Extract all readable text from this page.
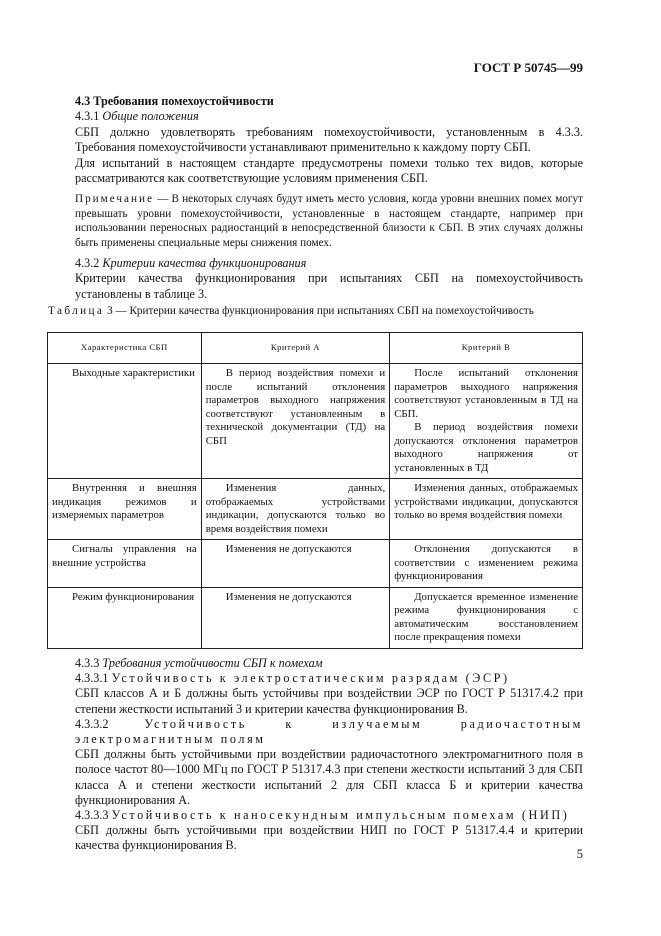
ГОСТ Р 50745—99

4.3 Требования помехоустойчивости

4.3.1 Общие положения

СБП должно удовлетворять требованиям помехоустойчивости, установленным в 4.3.3. Требования помехоустойчивости устанавливают применительно к каждому порту СБП.

Для испытаний в настоящем стандарте предусмотрены помехи только тех видов, которые рассматриваются как соответствующие условиям применения СБП.

Примечание — В некоторых случаях будут иметь место условия, когда уровни внешних помех могут превышать уровни помехоустойчивости, установленные в настоящем стандарте, например при использовании переносных радиостанций в непосредственной близости к СБП. В этих случаях должны быть применены специальные меры снижения помех.

4.3.2 Критерии качества функционирования

Критерии качества функционирования при испытаниях СБП на помехоустойчивость установлены в таблице 3.

Таблица 3 — Критерии качества функционирования при испытаниях СБП на помехоустойчивость
Характеристика СБП	Критерий А	Критерий В
Выходные характеристики	В период воздействия помехи и после испытаний отклонения параметров выходного напряжения соответствуют установленным в технической документации (ТД) на СБП	После испытаний отклонения параметров выходного напряжения соответствуют установленным в ТД на СБП.
В период воздействия помехи допускаются отклонения параметров выходного напряжения от установленных в ТД

Внутренняя и внешняя индикация режимов и измеряемых параметров	Изменения данных, отображаемых устройствами индикации, допускаются только во время воздействия помехи	Изменения данных, отображаемых устройствами индикации, допускаются только во время воздействия помехи
Сигналы управления на внешние устройства	Изменения не допускаются	Отклонения допускаются в соответствии с изменением режима функционирования
Режим функционирования	Изменения не допускаются	Допускается временное изменение режима функционирования с автоматическим восстановлением после прекращения помехи

4.3.3 Требования устойчивости СБП к помехам

4.3.3.1 Устойчивость к электростатическим разрядам (ЭСР)

СБП классов А и Б должны быть устойчивы при воздействии ЭСР по ГОСТ Р 51317.4.2 при степени жесткости испытаний 3 и критерии качества функционирования В.

4.3.3.2	Устойчивость к излучаемым радиочастотным электромагнитным полям

СБП должны быть устойчивыми при воздействии радиочастотного электромагнитного поля в полосе частот 80—1000 МГц по ГОСТ Р 51317.4.3 при степени жесткости испытаний 3 для СБП класса А и степени жесткости испытаний 2 для СБП класса Б и критерии качества функционирования А.

4.3.3.3 Устойчивость к наносекундным импульсным помехам (НИП)

СБП должны быть устойчивыми при воздействии НИП по ГОСТ Р 51317.4.4 и критерии качества функционирования В.

5
